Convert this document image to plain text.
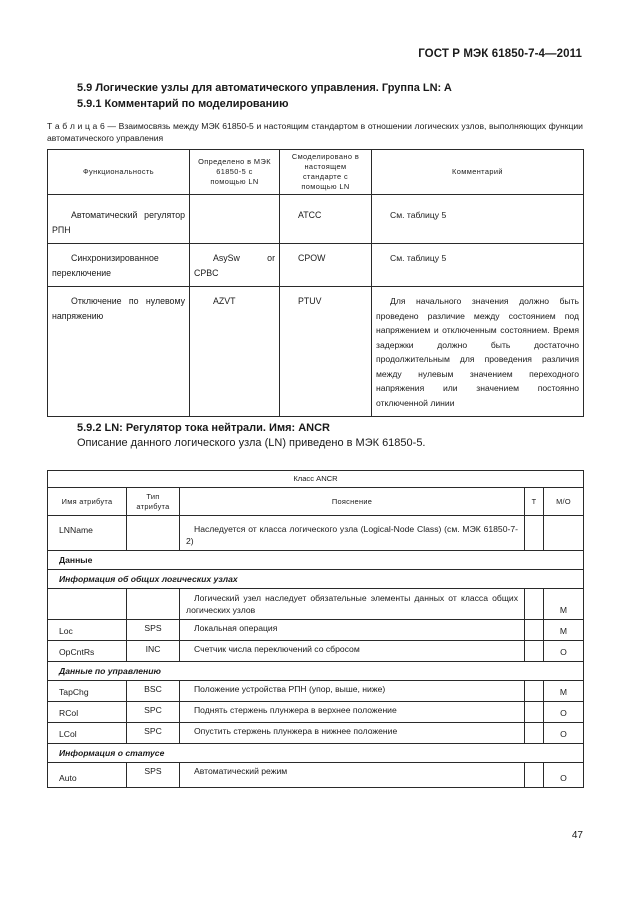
ГОСТ Р МЭК 61850-7-4—2011
5.9 Логические узлы для автоматического управления. Группа LN: A
5.9.1 Комментарий по моделированию
Т а б л и ц а 6 — Взаимосвязь между МЭК 61850-5 и настоящим стандартом в отношении логических узлов, выполняющих функции автоматического управления
Функциональность	Определено в МЭК 61850-5 с помощью LN	Смоделировано в настоящем стандарте с помощью LN	Комментарий

Автоматический регулятор РПН		ATCC	См. таблицу 5
Синхронизированное переключение	AsySw or CPBC	CPOW	См. таблицу 5
Отключение по нулевому напряжению	AZVT	PTUV	Для начального значения должно быть проведено различие между состоянием под напряжением и отключенным состоянием. Время задержки должно быть достаточно продолжительным для проведения различия между нулевым значением переходного напряжения или значением постоянно отключенной линии
5.9.2 LN: Регулятор тока нейтрали. Имя: ANCR
Описание данного логического узла (LN) приведено в МЭК 61850-5.
Класс ANCR				
Имя атрибута	Тип атрибута	Пояснение	T	M/O

LNName		Наследуется от класса логического узла (Logical-Node Class) (см. МЭК 61850-7-2)		
Данные				
Информация об общих логических узлах				
		Логический узел наследует обязательные элементы данных от класса общих логических узлов		M
Loc	SPS	Локальная операция		M
OpCntRs	INC	Счетчик числа переключений со сбросом		O
Данные по управлению				
TapChg	BSC	Положение устройства РПН (упор, выше, ниже)		M
RCol	SPC	Поднять стержень плунжера в верхнее положение		O
LCol	SPC	Опустить стержень плунжера в нижнее положение		O
Информация о статусе				
Auto	SPS	Автоматический режим		O
47
